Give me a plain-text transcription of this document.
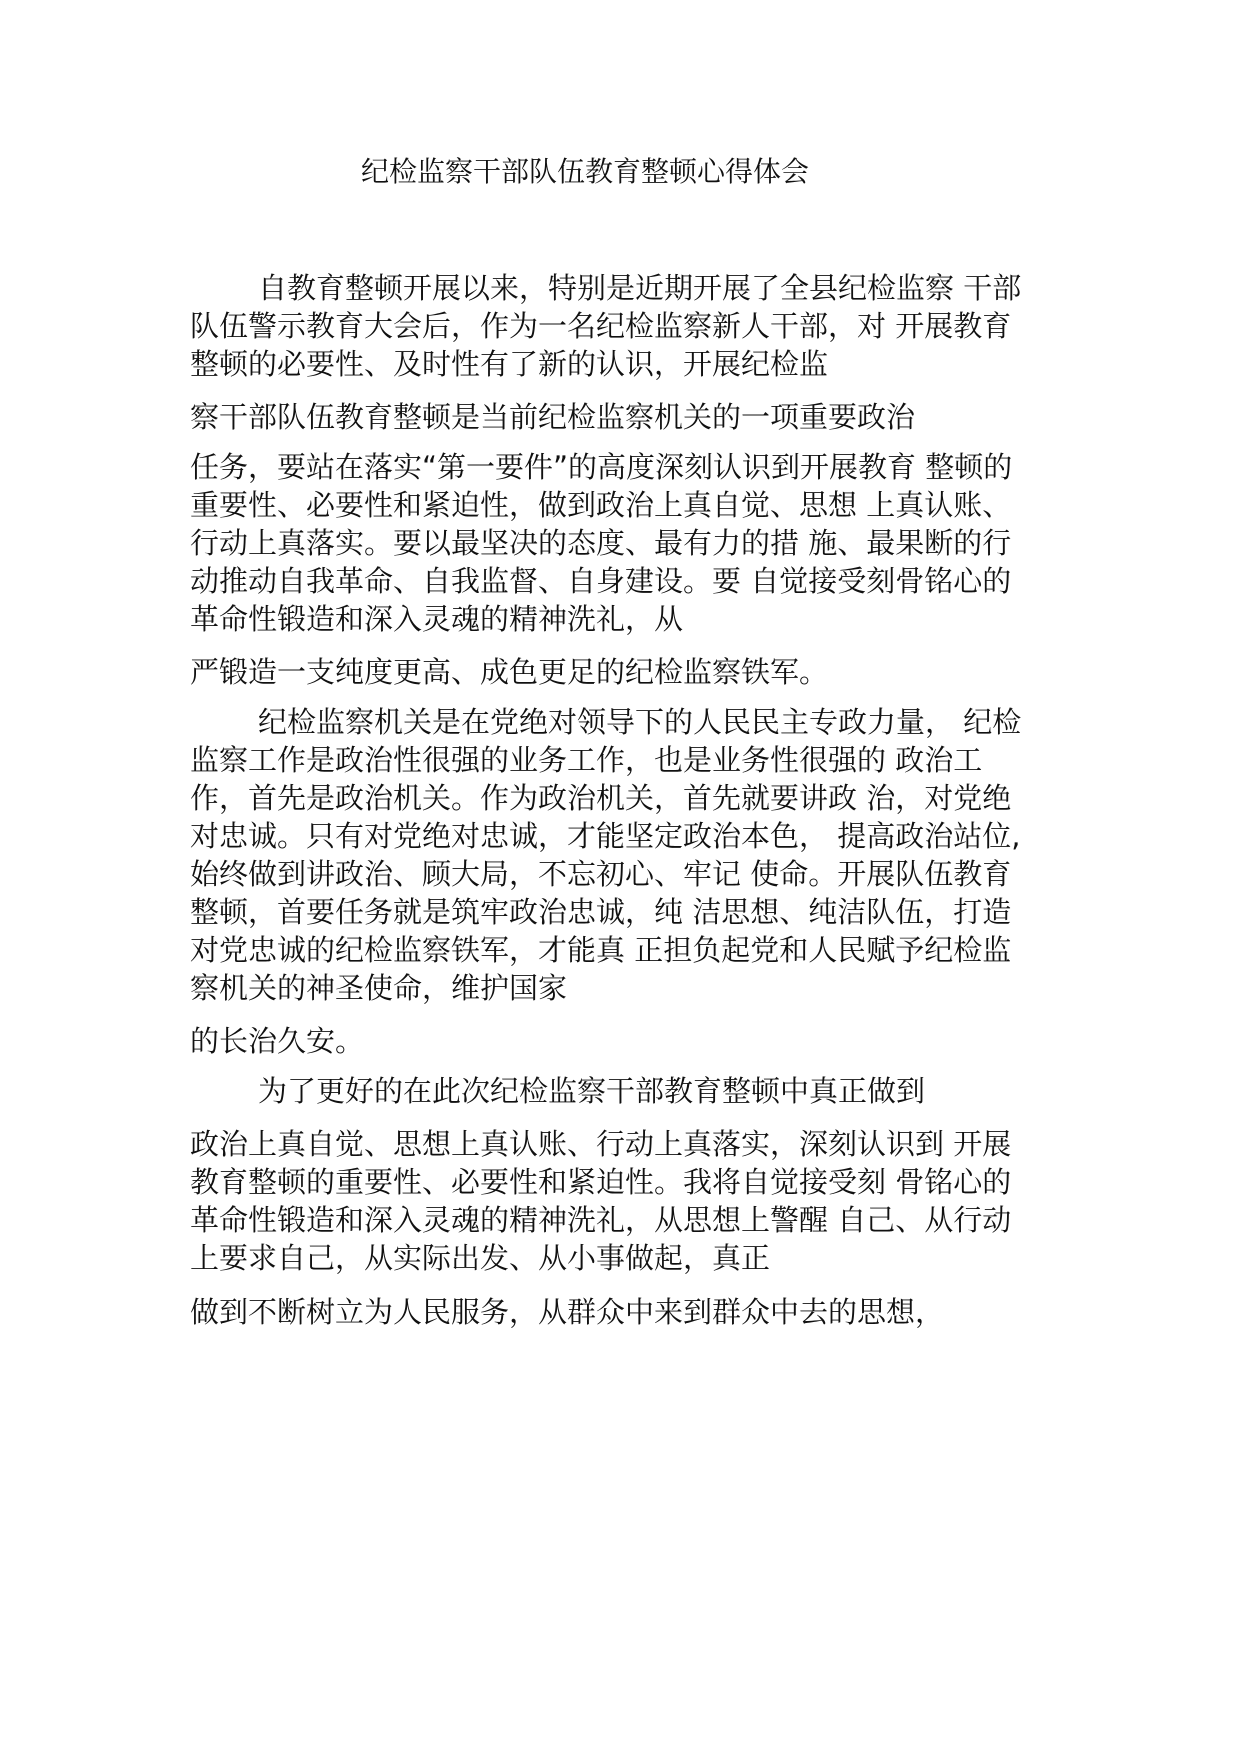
纪检监察干部队伍教育整顿心得体会
自教育整顿开展以来，特别是近期开展了全县纪检监察 干部
队伍警示教育大会后，作为一名纪检监察新人干部，对 开展教育
整顿的必要性、及时性有了新的认识，开展纪检监
察干部队伍教育整顿是当前纪检监察机关的一项重要政治
任务，要站在落实“第一要件”的高度深刻认识到开展教育 整顿的
重要性、必要性和紧迫性，做到政治上真自觉、思想 上真认账、
行动上真落实。要以最坚决的态度、最有力的措 施、最果断的行
动推动自我革命、自我监督、自身建设。要 自觉接受刻骨铭心的
革命性锻造和深入灵魂的精神洗礼，从
严锻造一支纯度更高、成色更足的纪检监察铁军。
纪检监察机关是在党绝对领导下的人民民主专政力量， 纪检
监察工作是政治性很强的业务工作，也是业务性很强的 政治工
作，首先是政治机关。作为政治机关，首先就要讲政 治，对党绝
对忠诚。只有对党绝对忠诚，才能坚定政治本色， 提高政治站位,
始终做到讲政治、顾大局，不忘初心、牢记 使命。开展队伍教育
整顿，首要任务就是筑牢政治忠诚，纯 洁思想、纯洁队伍，打造
对党忠诚的纪检监察铁军，才能真 正担负起党和人民赋予纪检监
察机关的神圣使命，维护国家
的长治久安。
为了更好的在此次纪检监察干部教育整顿中真正做到
政治上真自觉、思想上真认账、行动上真落实，深刻认识到 开展
教育整顿的重要性、必要性和紧迫性。我将自觉接受刻 骨铭心的
革命性锻造和深入灵魂的精神洗礼，从思想上警醒 自己、从行动
上要求自己，从实际出发、从小事做起，真正
做到不断树立为人民服务，从群众中来到群众中去的思想，
